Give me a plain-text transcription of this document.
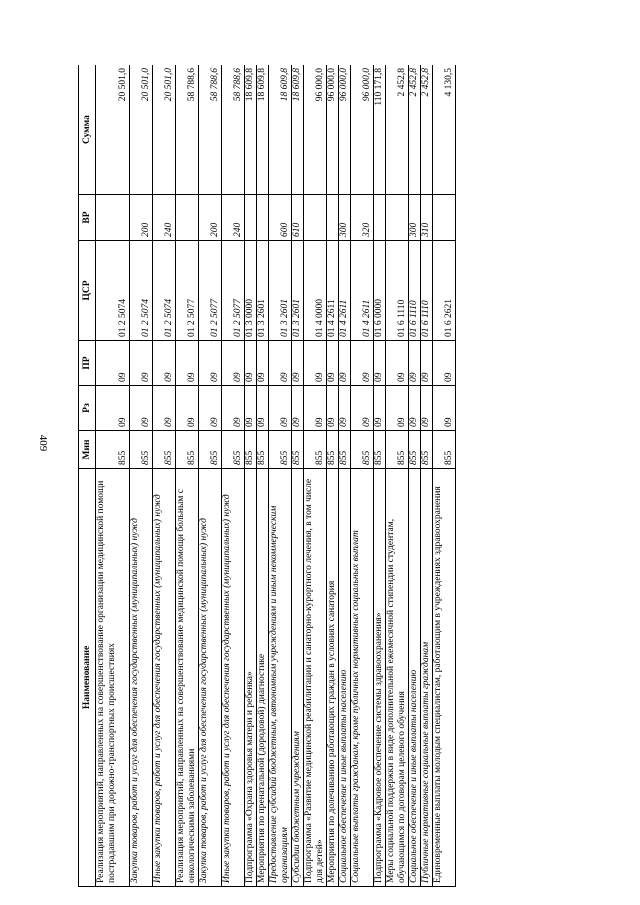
409
Наименование	Мин	Рз	ПР	ЦСР	ВР	Сумма
Реализация мероприятий, направленных на совершенствование организации медицинской помощи пострадавшим при дорожно-транспортных происшествиях	855	09	09	01 2 5074		20 501,0
Закупка товаров, работ и услуг для обеспечения государственных (муниципальных) нужд	855	09	09	01 2 5074	200	20 501,0
Иные закупки товаров, работ и услуг для обеспечения государственных (муниципальных) нужд	855	09	09	01 2 5074	240	20 501,0
Реализация мероприятий, направленных на совершенствование медицинской помощи больным с онкологическими заболеваниями	855	09	09	01 2 5077		58 788,6
Закупка товаров, работ и услуг для обеспечения государственных (муниципальных) нужд	855	09	09	01 2 5077	200	58 788,6
Иные закупки товаров, работ и услуг для обеспечения государственных (муниципальных) нужд	855	09	09	01 2 5077	240	58 788,6
Подпрограмма «Охрана здоровья матери и ребенка»	855	09	09	01 3 0000		18 609,8
Мероприятия по пренатальной (дородовой) диагностике	855	09	09	01 3 2601		18 609,8
Предоставление субсидий бюджетным, автономным учреждениям и иным некоммерческим организациям	855	09	09	01 3 2601	600	18 609,8
Субсидии бюджетным учреждениям	855	09	09	01 3 2601	610	18 609,8
Подпрограмма «Развитие медицинской реабилитации и санаторно-курортного лечения, в том числе для детей»	855	09	09	01 4 0000		96 000,0
Мероприятия по долечиванию работающих граждан в условиях санатория	855	09	09	01 4 2611		96 000,0
Социальное обеспечение и иные выплаты населению	855	09	09	01 4 2611	300	96 000,0
Социальные выплаты гражданам, кроме публичных нормативных социальных выплат	855	09	09	01 4 2611	320	96 000,0
Подпрограмма «Кадровое обеспечение системы здравоохранения»	855	09	09	01 6 0000		110 171,8
Меры социальной поддержки в виде дополнительной ежемесячной стипендии студентам, обучающимся по договорам целевого обучения	855	09	09	01 6 1110		2 452,8
Социальное обеспечение и иные выплаты населению	855	09	09	01 6 1110	300	2 452,8
Публичные нормативные социальные выплаты гражданам	855	09	09	01 6 1110	310	2 452,8
Единовременные выплаты молодым специалистам, работающим в учреждениях здравоохранения	855	09	09	01 6 2621		4 130,5
